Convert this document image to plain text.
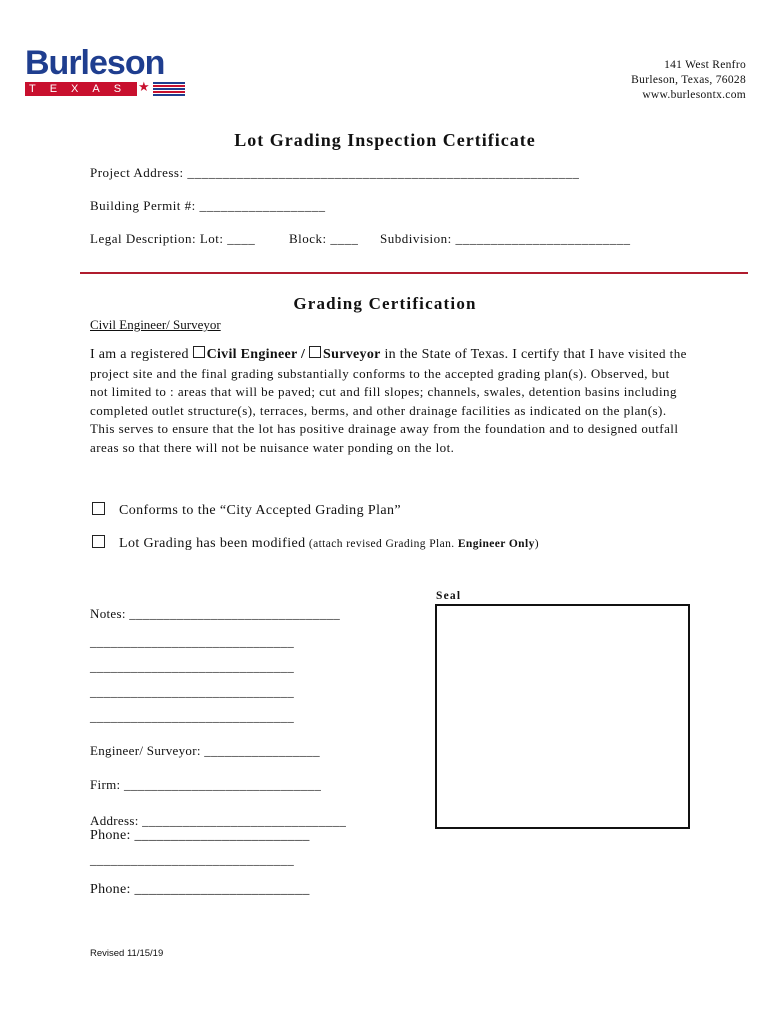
Burleson
TEXAS ★
141 West Renfro
Burleson, Texas, 76028
www.burlesontx.com
Lot Grading Inspection Certificate
Project Address: ________________________________________________________
Building Permit #: __________________
Legal Description: Lot: ____	Block: ____ Subdivision: _________________________
Grading Certification
Civil Engineer/ Surveyor
I am a registered Civil Engineer / Surveyor in the State of Texas. I certify that I have visited the project site and the final grading substantially conforms to the accepted grading plan(s). Observed, but not limited to : areas that will be paved; cut and fill slopes; channels, swales, detention basins including completed outlet structure(s), terraces, berms, and other drainage facilities as indicated on the plan(s). This serves to ensure that the lot has positive drainage away from the foundation and to designed outfall areas so that there will not be nuisance water ponding on the lot.
Conforms to the “City Accepted Grading Plan”
Lot Grading has been modified (attach revised Grading Plan. Engineer Only)
Seal
Notes: _______________________________
______________________________
______________________________
______________________________
______________________________
Engineer/ Surveyor: _________________
Firm: _____________________________
Address: ______________________________
Phone: ________________________
______________________________
Phone: ________________________
Revised 11/15/19
